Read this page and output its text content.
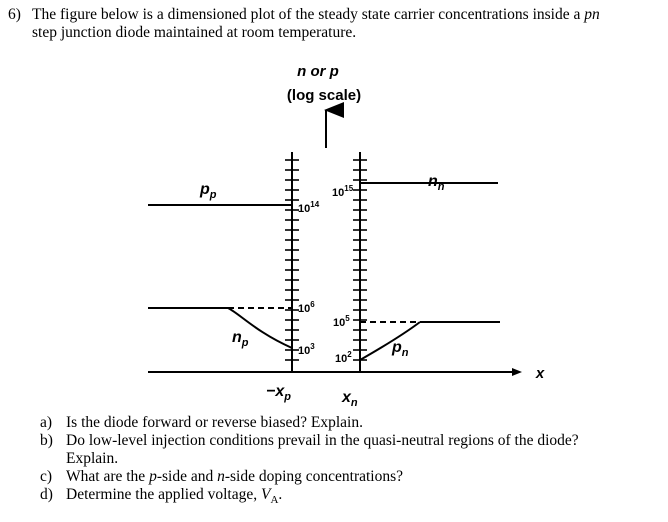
6) The figure below is a dimensioned plot of the steady state carrier concentrations inside a pn
step junction diode maintained at room temperature.
n or p
(log scale)
x
$10^{14}$
$10^{15}$
$10^6$
$10^3$
$10^5$
$10^2$
$p_p$
$n_p$
$n_n$
$p_n$
$-x_p$	$x_n$
a) Is the diode forward or reverse biased? Explain.
b) Do low-level injection conditions prevail in the quasi-neutral regions of the diode?
Explain.
c) What are the p-side and n-side doping concentrations?
d) Determine the applied voltage, $V_A$.
